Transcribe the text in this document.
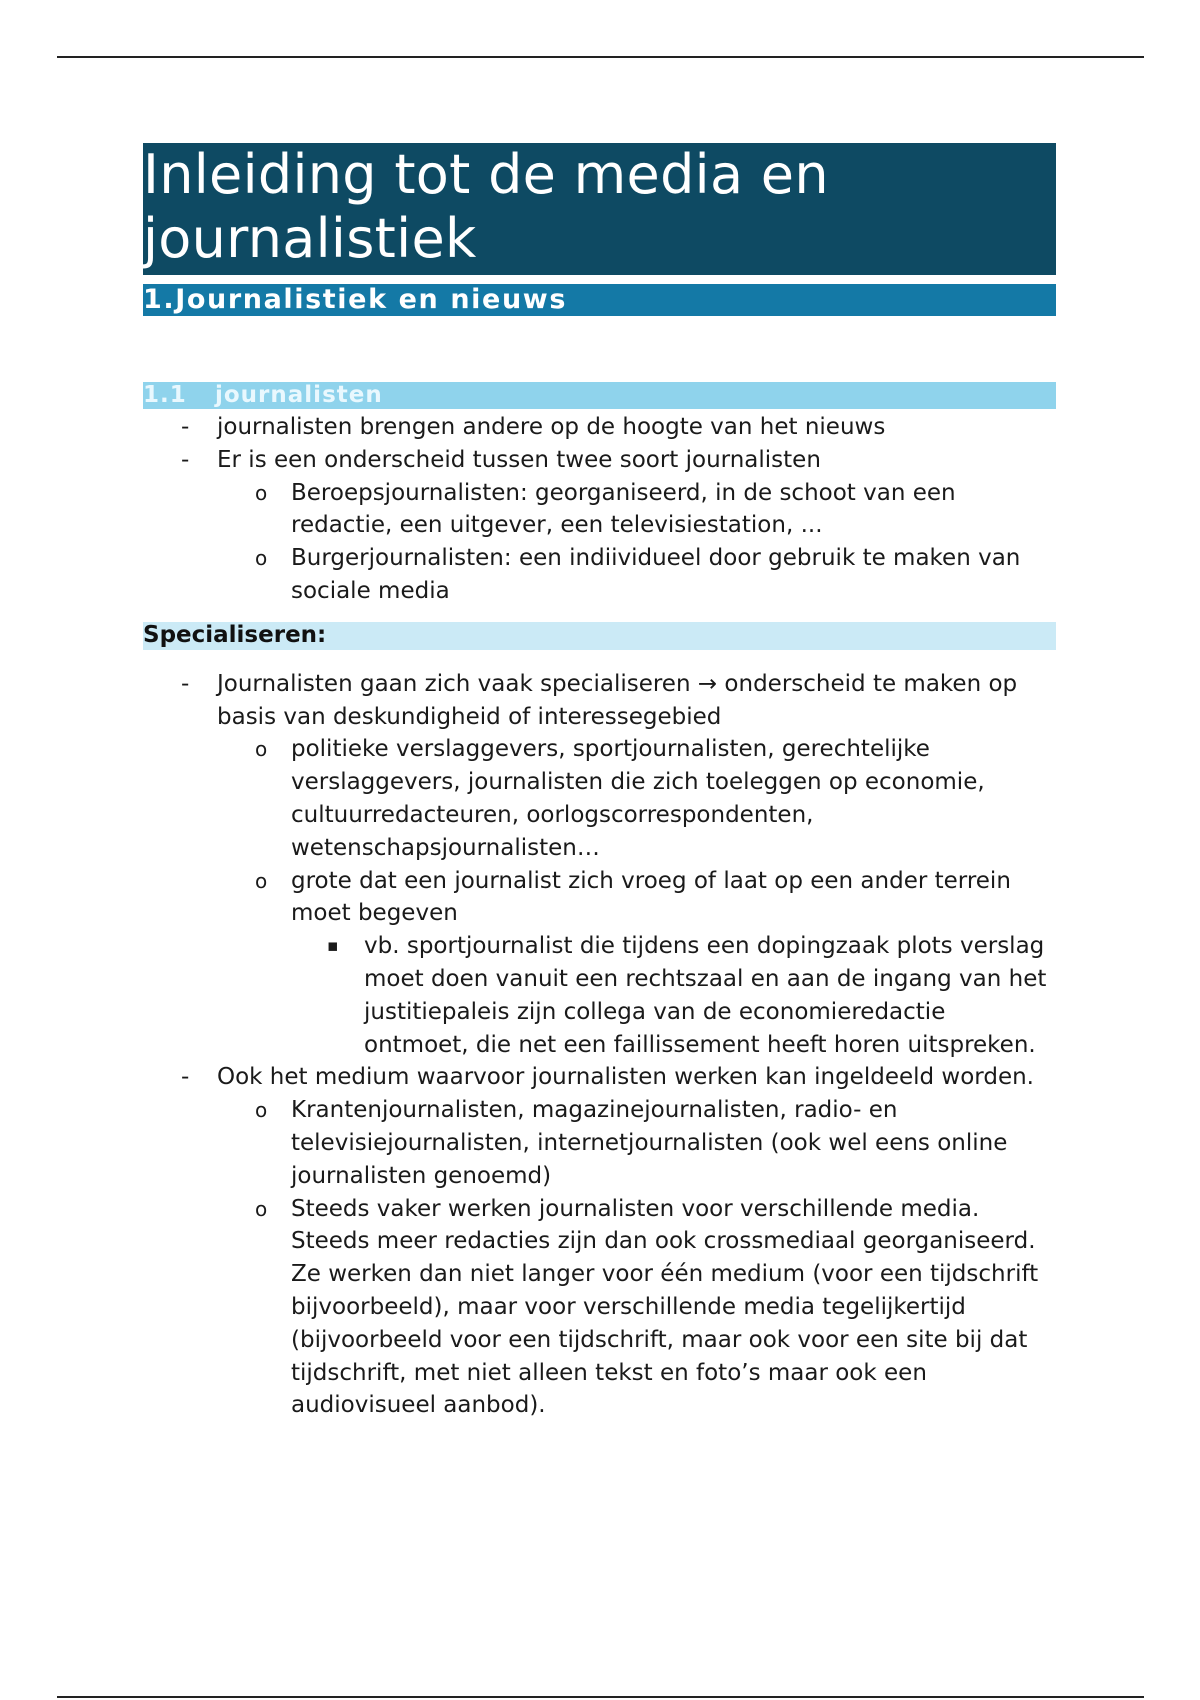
Inleiding tot de media en journalistiek
1.Journalistiek en nieuws
1.1 journalisten
- journalisten brengen andere op de hoogte van het nieuws
- Er is een onderscheid tussen twee soort journalisten
o Beroepsjournalisten: georganiseerd, in de schoot van een redactie, een uitgever, een televisiestation, ...
o Burgerjournalisten: een indiividueel door gebruik te maken van sociale media
Specialiseren:
- Journalisten gaan zich vaak specialiseren → onderscheid te maken op basis van deskundigheid of interessegebied
o politieke verslaggevers, sportjournalisten, gerechtelijke verslaggevers, journalisten die zich toeleggen op economie, cultuurredacteuren, oorlogscorrespondenten, wetenschapsjournalisten…
o grote dat een journalist zich vroeg of laat op een ander terrein moet begeven
▪ vb. sportjournalist die tijdens een dopingzaak plots verslag moet doen vanuit een rechtszaal en aan de ingang van het justitiepaleis zijn collega van de economieredactie ontmoet, die net een faillissement heeft horen uitspreken.
- Ook het medium waarvoor journalisten werken kan ingeldeeld worden.
o Krantenjournalisten, magazinejournalisten, radio- en televisiejournalisten, internetjournalisten (ook wel eens online journalisten genoemd)
o Steeds vaker werken journalisten voor verschillende media. Steeds meer redacties zijn dan ook crossmediaal georganiseerd. Ze werken dan niet langer voor één medium (voor een tijdschrift bijvoorbeeld), maar voor verschillende media tegelijkertijd (bijvoorbeeld voor een tijdschrift, maar ook voor een site bij dat tijdschrift, met niet alleen tekst en foto’s maar ook een audiovisueel aanbod).
